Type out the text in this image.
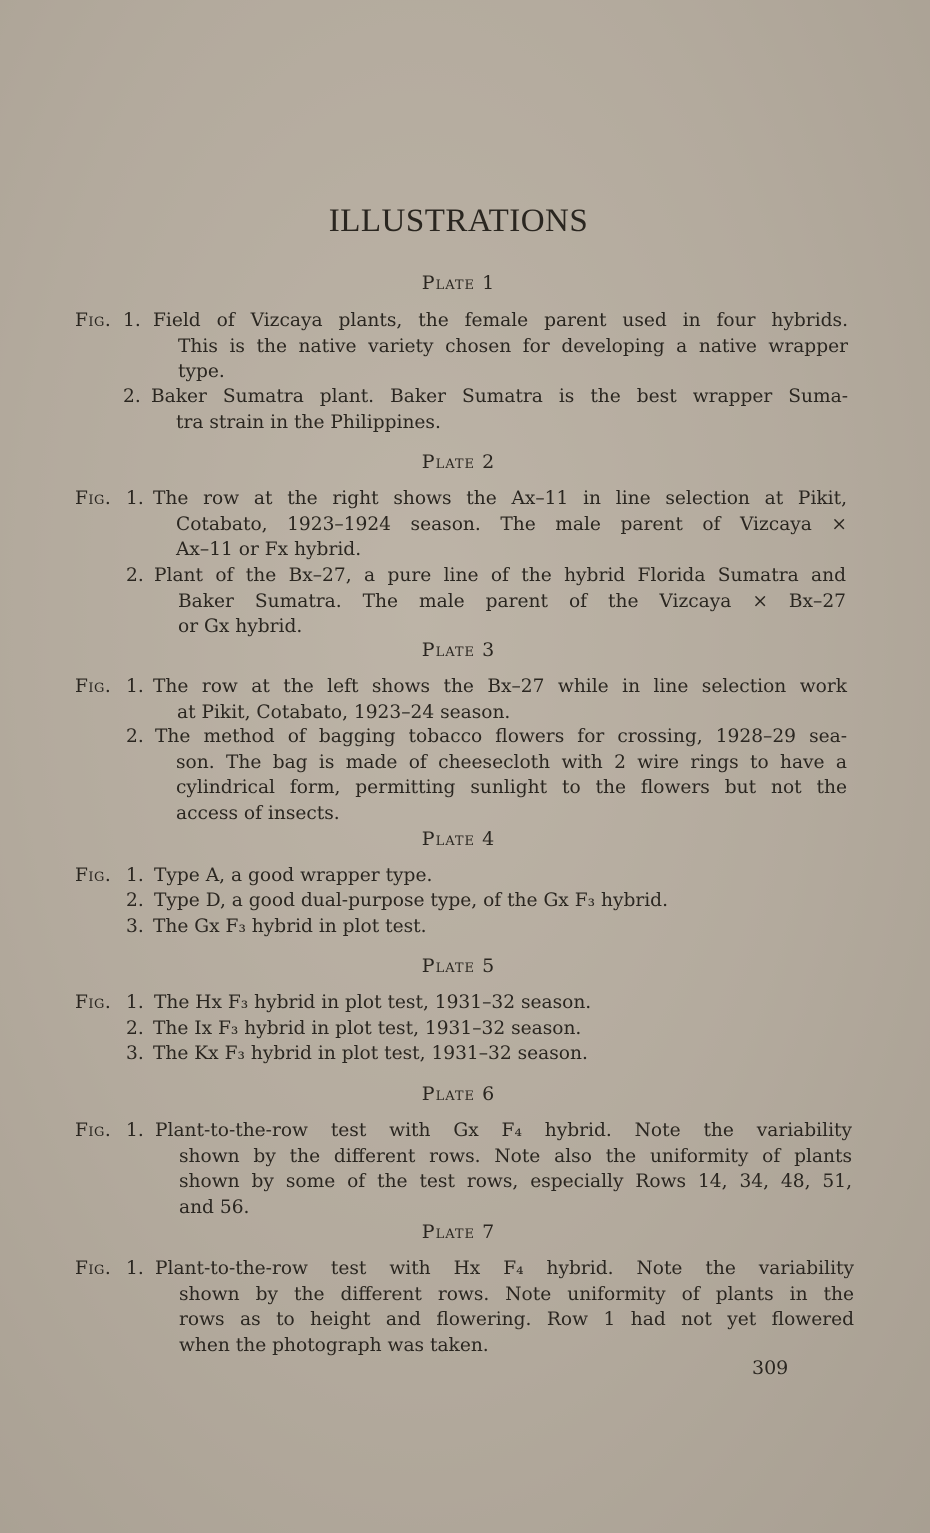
ILLUSTRATIONS
Plate 1
Fig. 1. Field of Vizcaya plants, the female parent used in four hybrids.
This is the native variety chosen for developing a native wrapper
type.
2. Baker Sumatra plant. Baker Sumatra is the best wrapper Suma-
tra strain in the Philippines.
Plate 2
Fig. 1. The row at the right shows the Ax–11 in line selection at Pikit,
Cotabato, 1923–1924 season. The male parent of Vizcaya ×
Ax–11 or Fx hybrid.
2. Plant of the Bx–27, a pure line of the hybrid Florida Sumatra and
Baker Sumatra. The male parent of the Vizcaya × Bx–27
or Gx hybrid.
Plate 3
Fig. 1. The row at the left shows the Bx–27 while in line selection work
at Pikit, Cotabato, 1923–24 season.
2. The method of bagging tobacco flowers for crossing, 1928–29 sea-
son. The bag is made of cheesecloth with 2 wire rings to have a
cylindrical form, permitting sunlight to the flowers but not the
access of insects.
Plate 4
Fig. 1. Type A, a good wrapper type.
2. Type D, a good dual-purpose type, of the Gx F₃ hybrid.
3. The Gx F₃ hybrid in plot test.
Plate 5
Fig. 1. The Hx F₃ hybrid in plot test, 1931–32 season.
2. The Ix F₃ hybrid in plot test, 1931–32 season.
3. The Kx F₃ hybrid in plot test, 1931–32 season.
Plate 6
Fig. 1. Plant-to-the-row test with Gx F₄ hybrid. Note the variability
shown by the different rows. Note also the uniformity of plants
shown by some of the test rows, especially Rows 14, 34, 48, 51,
and 56.
Plate 7
Fig. 1. Plant-to-the-row test with Hx F₄ hybrid. Note the variability
shown by the different rows. Note uniformity of plants in the
rows as to height and flowering. Row 1 had not yet flowered
when the photograph was taken.
309
